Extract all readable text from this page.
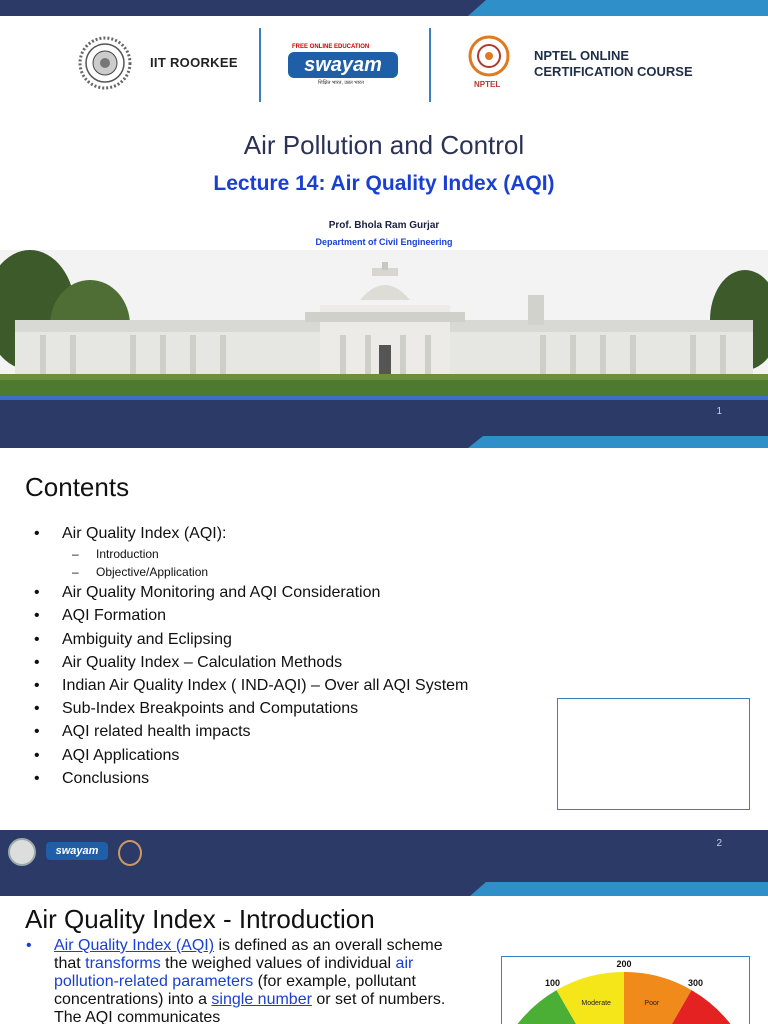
IIT ROORKEE
FREE ONLINE EDUCATION
swayam
शिक्षित भारत, उन्नत भारत	NPTEL
NPTEL ONLINE
CERTIFICATION COURSE
Air Pollution and Control
Lecture 14: Air Quality Index (AQI)
Prof. Bhola Ram Gurjar
Department of Civil Engineering
1
Contents
• Air Quality Index (AQI):
– Introduction
– Objective/Application
• Air Quality Monitoring and AQI Consideration
• AQI Formation
• Ambiguity and Eclipsing
• Air Quality Index – Calculation Methods
• Indian Air Quality Index ( IND-AQI) – Over all AQI System
• Sub-Index Breakpoints and Computations
• AQI related health impacts
• AQI Applications
• Conclusions
swayam
2
Air Quality Index - Introduction
•	Air Quality Index (AQI) is defined as an overall scheme that transforms the weighed values of individual air pollution-related parameters (for example, pollutant concentrations) into a single number or set of numbers. The AQI communicates
Moderate	Poor
100
200
300
